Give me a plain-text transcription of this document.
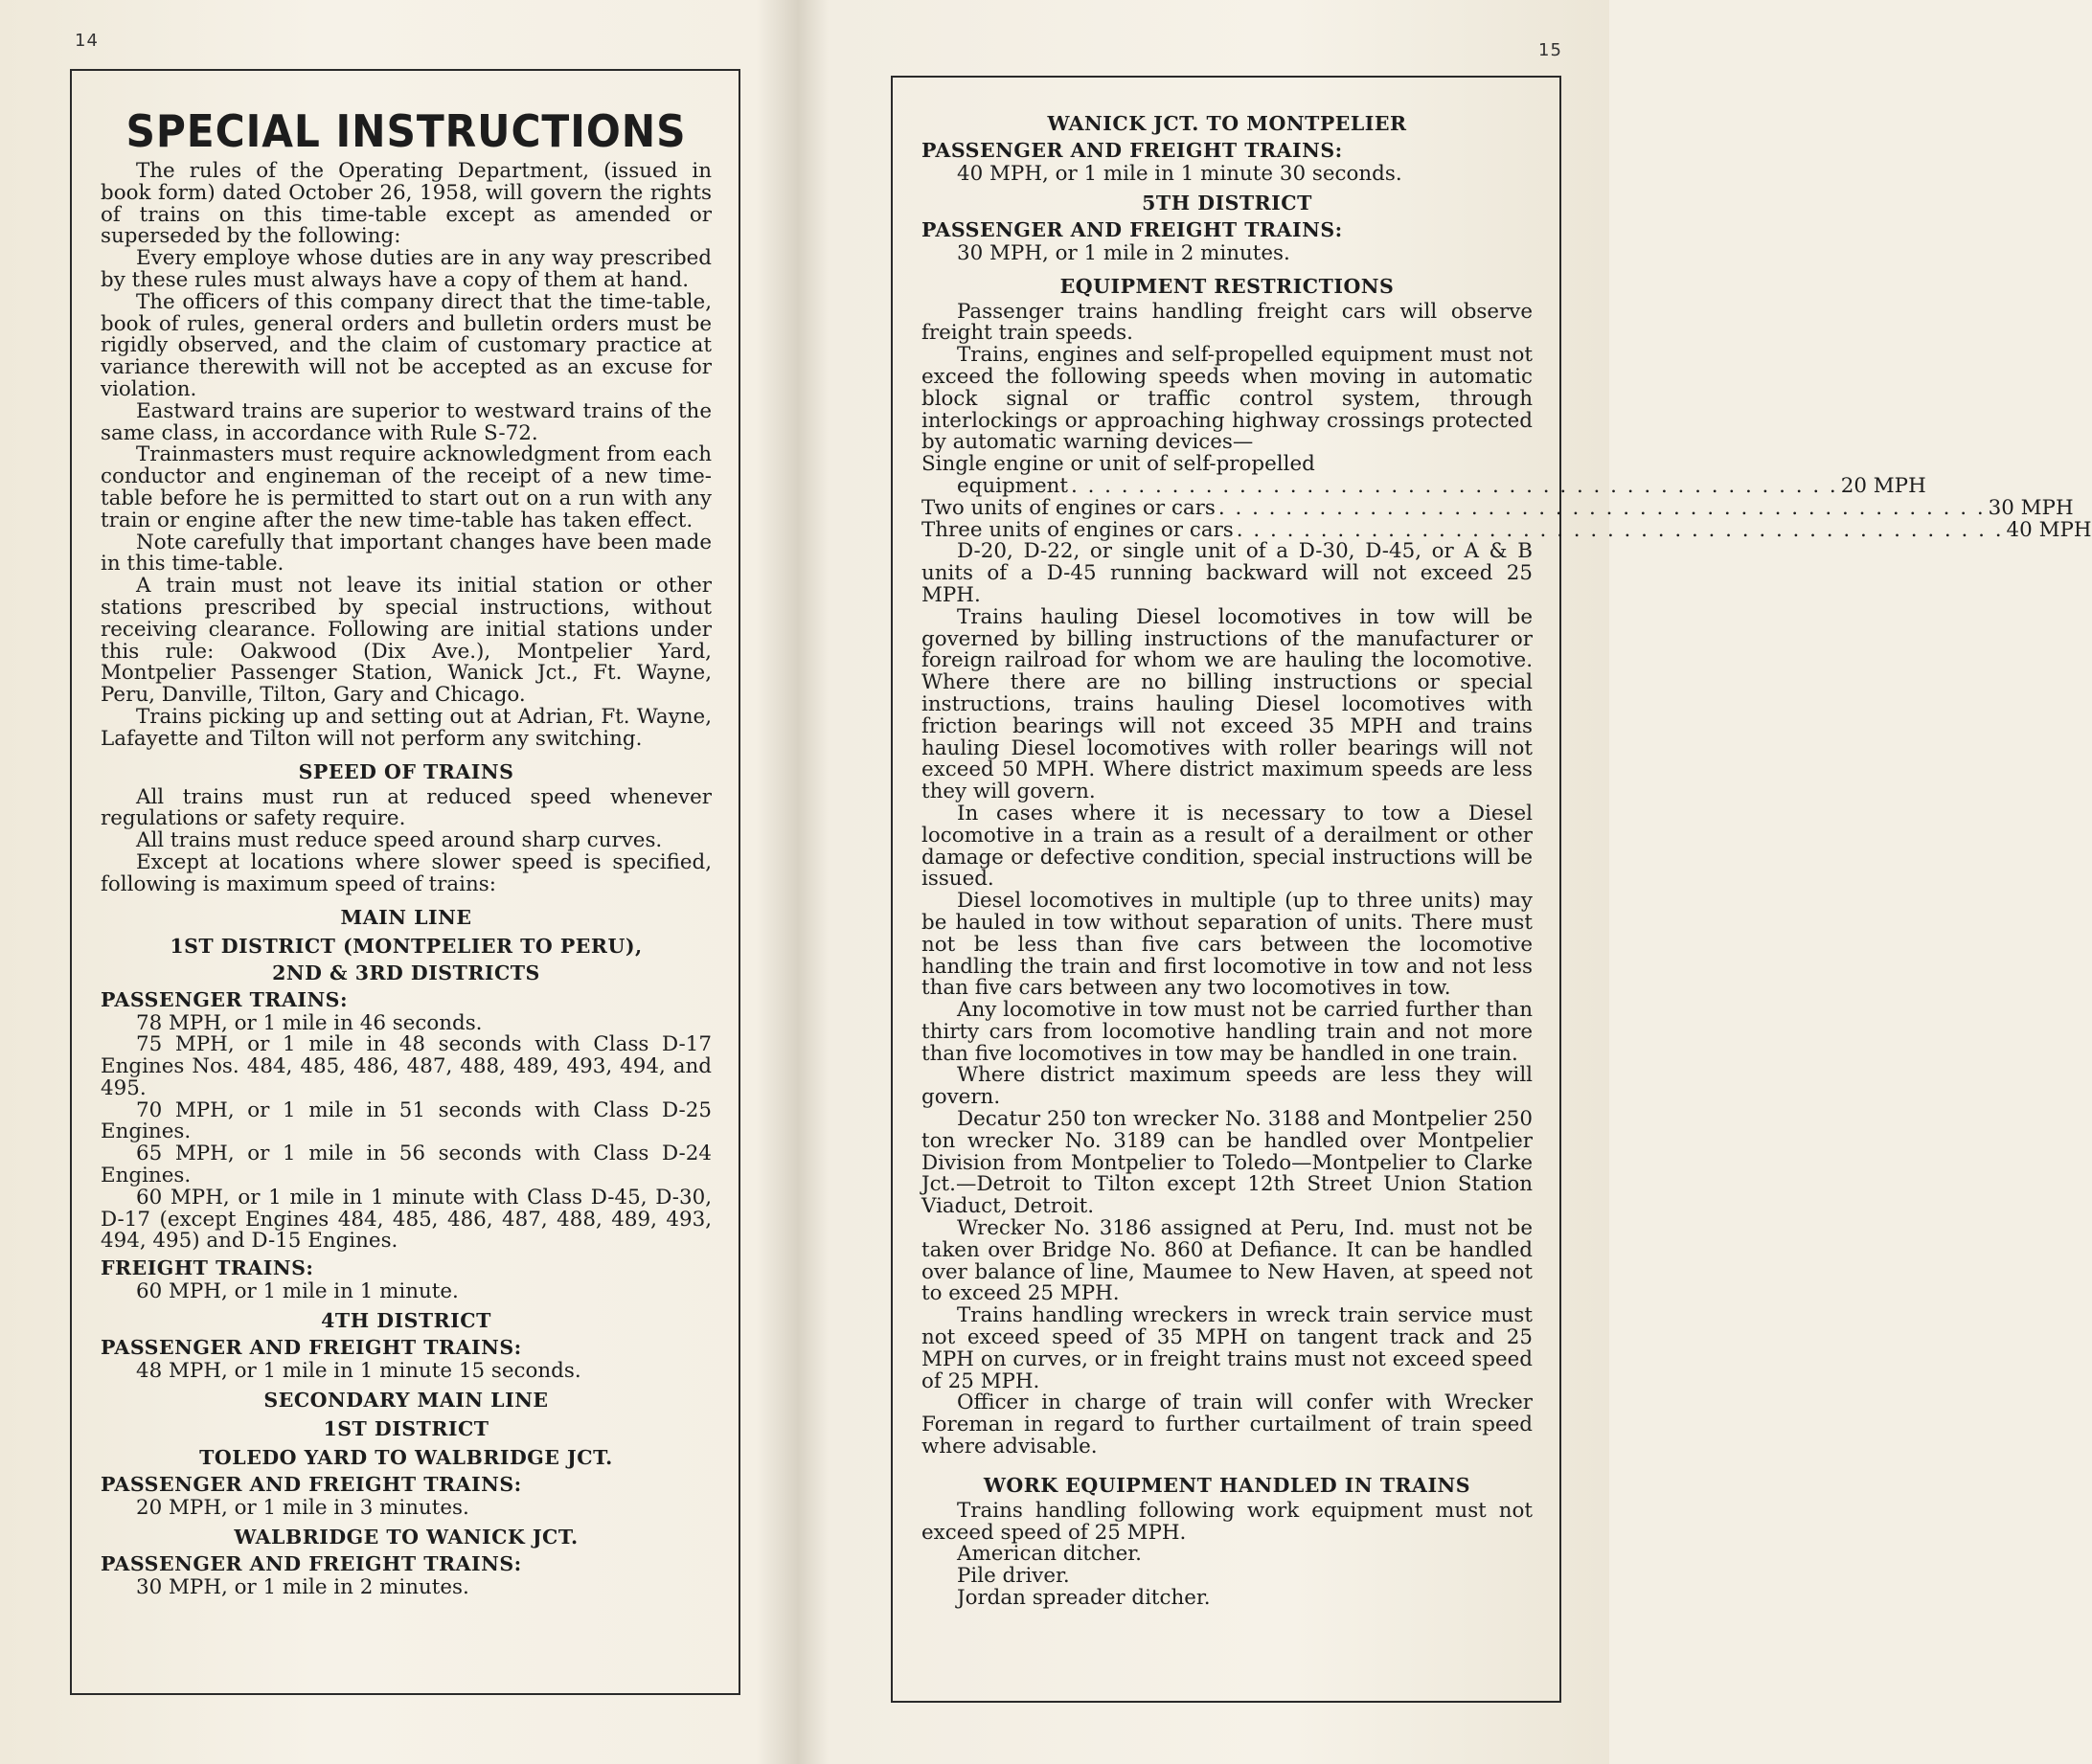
14	15
SPECIAL INSTRUCTIONS

The rules of the Operating Department, (issued in book form) dated October 26, 1958, will govern the rights of trains on this time-table except as amended or superseded by the following:

Every employe whose duties are in any way prescribed by these rules must always have a copy of them at hand.

The officers of this company direct that the time-table, book of rules, general orders and bulletin orders must be rigidly observed, and the claim of customary practice at variance therewith will not be accepted as an excuse for violation.

Eastward trains are superior to westward trains of the same class, in accordance with Rule S-72.

Trainmasters must require acknowledgment from each conductor and engineman of the receipt of a new time-table before he is permitted to start out on a run with any train or engine after the new time-table has taken effect.

Note carefully that important changes have been made in this time-table.

A train must not leave its initial station or other stations prescribed by special instructions, without receiving clearance. Following are initial stations under this rule: Oakwood (Dix Ave.), Montpelier Yard, Montpelier Passenger Station, Wanick Jct., Ft. Wayne, Peru, Danville, Tilton, Gary and Chicago.

Trains picking up and setting out at Adrian, Ft. Wayne, Lafayette and Tilton will not perform any switching.

SPEED OF TRAINS

All trains must run at reduced speed whenever regulations or safety require.

All trains must reduce speed around sharp curves.

Except at locations where slower speed is specified, following is maximum speed of trains:

MAIN LINE
1ST DISTRICT (MONTPELIER TO PERU),
2ND & 3RD DISTRICTS
PASSENGER TRAINS:

78 MPH, or 1 mile in 46 seconds.

75 MPH, or 1 mile in 48 seconds with Class D-17 Engines Nos. 484, 485, 486, 487, 488, 489, 493, 494, and 495.

70 MPH, or 1 mile in 51 seconds with Class D-25 Engines.

65 MPH, or 1 mile in 56 seconds with Class D-24 Engines.

60 MPH, or 1 mile in 1 minute with Class D-45, D-30, D-17 (except Engines 484, 485, 486, 487, 488, 489, 493, 494, 495) and D-15 Engines.

FREIGHT TRAINS:

60 MPH, or 1 mile in 1 minute.

4TH DISTRICT
PASSENGER AND FREIGHT TRAINS:

48 MPH, or 1 mile in 1 minute 15 seconds.

SECONDARY MAIN LINE
1ST DISTRICT
TOLEDO YARD TO WALBRIDGE JCT.
PASSENGER AND FREIGHT TRAINS:

20 MPH, or 1 mile in 3 minutes.

WALBRIDGE TO WANICK JCT.
PASSENGER AND FREIGHT TRAINS:

30 MPH, or 1 mile in 2 minutes.

WANICK JCT. TO MONTPELIER
PASSENGER AND FREIGHT TRAINS:

40 MPH, or 1 mile in 1 minute 30 seconds.

5TH DISTRICT
PASSENGER AND FREIGHT TRAINS:

30 MPH, or 1 mile in 2 minutes.

EQUIPMENT RESTRICTIONS

Passenger trains handling freight cars will observe freight train speeds.

Trains, engines and self-propelled equipment must not exceed the following speeds when moving in automatic block signal or traffic control system, through interlockings or approaching highway crossings protected by automatic warning devices—

Single engine or unit of self-propelled
equipment . . . . . . . . . . . . . . . . . . . . . . . . . . . . . . . . . . . . . . . . . . . . . . 20 MPH
Two units of engines or cars . . . . . . . . . . . . . . . . . . . . . . . . . . . . . . . . . . . . . . . . . . . . . . 30 MPH
Three units of engines or cars . . . . . . . . . . . . . . . . . . . . . . . . . . . . . . . . . . . . . . . . . . . . . . 40 MPH

D-20, D-22, or single unit of a D-30, D-45, or A & B units of a D-45 running backward will not exceed 25 MPH.

Trains hauling Diesel locomotives in tow will be governed by billing instructions of the manufacturer or foreign railroad for whom we are hauling the locomotive. Where there are no billing instructions or special instructions, trains hauling Diesel locomotives with friction bearings will not exceed 35 MPH and trains hauling Diesel locomotives with roller bearings will not exceed 50 MPH. Where district maximum speeds are less they will govern.

In cases where it is necessary to tow a Diesel locomotive in a train as a result of a derailment or other damage or defective condition, special instructions will be issued.

Diesel locomotives in multiple (up to three units) may be hauled in tow without separation of units. There must not be less than five cars between the locomotive handling the train and first locomotive in tow and not less than five cars between any two locomotives in tow.

Any locomotive in tow must not be carried further than thirty cars from locomotive handling train and not more than five locomotives in tow may be handled in one train.

Where district maximum speeds are less they will govern.

Decatur 250 ton wrecker No. 3188 and Montpelier 250 ton wrecker No. 3189 can be handled over Montpelier Division from Montpelier to Toledo—Montpelier to Clarke Jct.—Detroit to Tilton except 12th Street Union Station Viaduct, Detroit.

Wrecker No. 3186 assigned at Peru, Ind. must not be taken over Bridge No. 860 at Defiance. It can be handled over balance of line, Maumee to New Haven, at speed not to exceed 25 MPH.

Trains handling wreckers in wreck train service must not exceed speed of 35 MPH on tangent track and 25 MPH on curves, or in freight trains must not exceed speed of 25 MPH.

Officer in charge of train will confer with Wrecker Foreman in regard to further curtailment of train speed where advisable.

WORK EQUIPMENT HANDLED IN TRAINS

Trains handling following work equipment must not exceed speed of 25 MPH.

American ditcher.
Pile driver.
Jordan spreader ditcher.
